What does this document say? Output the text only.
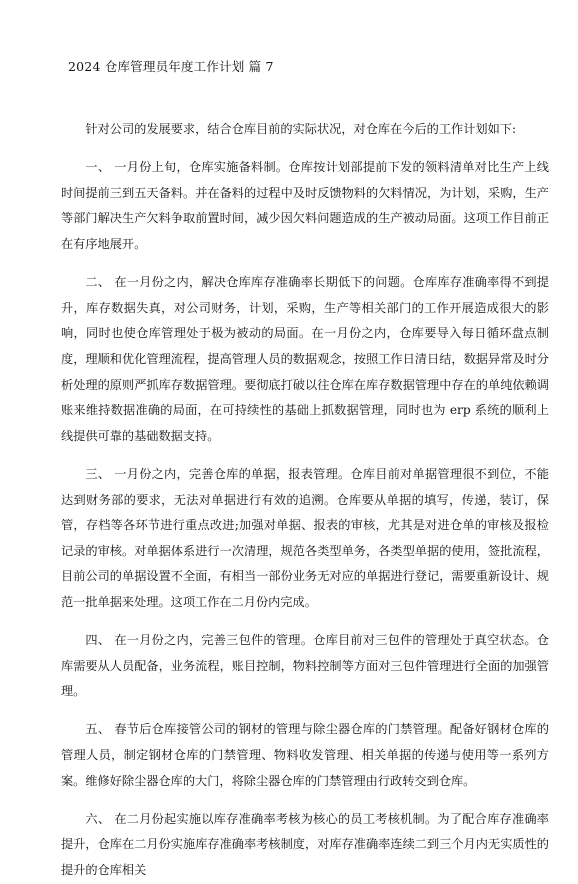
2024 仓库管理员年度工作计划 篇 7

针对公司的发展要求，结合仓库目前的实际状况，对仓库在今后的工作计划如下:

一、 一月份上旬，仓库实施备料制。仓库按计划部提前下发的领料清单对比生产上线时间提前三到五天备料。并在备料的过程中及时反馈物料的欠料情况，为计划，采购，生产等部门解决生产欠料争取前置时间，减少因欠料问题造成的生产被动局面。这项工作目前正在有序地展开。

二、 在一月份之内，解决仓库库存准确率长期低下的问题。仓库库存准确率得不到提升，库存数据失真，对公司财务，计划，采购，生产等相关部门的工作开展造成很大的影响，同时也使仓库管理处于极为被动的局面。在一月份之内，仓库要导入每日循环盘点制度，理顺和优化管理流程，提高管理人员的数据观念，按照工作日清日结，数据异常及时分析处理的原则严抓库存数据管理。要彻底打破以往仓库在库存数据管理中存在的单纯依赖调账来维持数据准确的局面，在可持续性的基础上抓数据管理，同时也为 erp 系统的顺利上线提供可靠的基础数据支持。

三、 一月份之内，完善仓库的单据，报表管理。仓库目前对单据管理很不到位，不能达到财务部的要求，无法对单据进行有效的追溯。仓库要从单据的填写，传递，装订，保管，存档等各环节进行重点改进;加强对单据、报表的审核，尤其是对进仓单的审核及报检记录的审核。对单据体系进行一次清理，规范各类型单务，各类型单据的使用，签批流程，目前公司的单据设置不全面，有相当一部份业务无对应的单据进行登记，需要重新设计、规范一批单据来处理。这项工作在二月份内完成。

四、 在一月份之内，完善三包件的管理。仓库目前对三包件的管理处于真空状态。仓库需要从人员配备，业务流程，账目控制，物料控制等方面对三包件管理进行全面的加强管理。

五、 春节后仓库接管公司的钢材的管理与除尘器仓库的门禁管理。配备好钢材仓库的管理人员，制定钢材仓库的门禁管理、物料收发管理、相关单据的传递与使用等一系列方案。维修好除尘器仓库的大门，将除尘器仓库的门禁管理由行政转交到仓库。

六、 在二月份起实施以库存准确率考核为核心的员工考核机制。为了配合库存准确率提升，仓库在二月份实施库存准确率考核制度，对库存准确率连续二到三个月内无实质性的提升的仓库相关
